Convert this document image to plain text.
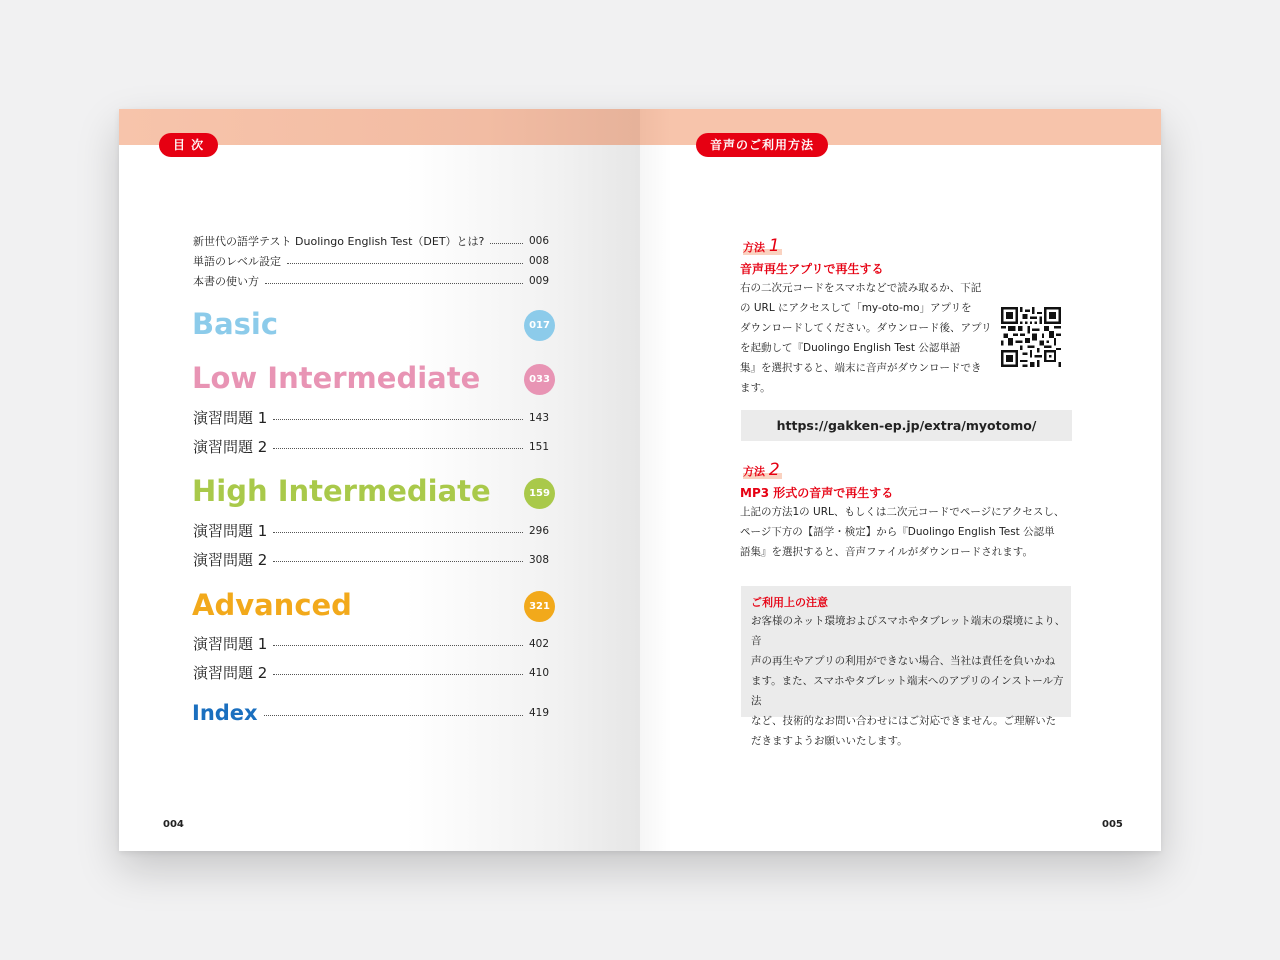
目 次
新世代の語学テスト Duolingo English Test（DET）とは?	006
単語のレベル設定	008
本書の使い方	009
Basic	017
Low Intermediate	033
演習問題 1	143
演習問題 2	151
High Intermediate	159
演習問題 1	296
演習問題 2	308
Advanced	321
演習問題 1	402
演習問題 2	410
Index	419
004
音声のご利用方法
方法 1
音声再生アプリで再生する
右の二次元コードをスマホなどで読み取るか、下記
の URL にアクセスして「my-oto-mo」アプリを
ダウンロードしてください。ダウンロード後、アプリ
を起動して『Duolingo English Test 公認単語
集』を選択すると、端末に音声がダウンロードでき
ます。
https://gakken-ep.jp/extra/myotomo/
方法 2
MP3 形式の音声で再生する
上記の方法1の URL、もしくは二次元コードでページにアクセスし、
ページ下方の【語学・検定】から『Duolingo English Test 公認単
語集』を選択すると、音声ファイルがダウンロードされます。
ご利用上の注意
お客様のネット環境およびスマホやタブレット端末の環境により、音
声の再生やアプリの利用ができない場合、当社は責任を負いかね
ます。また、スマホやタブレット端末へのアプリのインストール方法
など、技術的なお問い合わせにはご対応できません。ご理解いた
だきますようお願いいたします。
005
